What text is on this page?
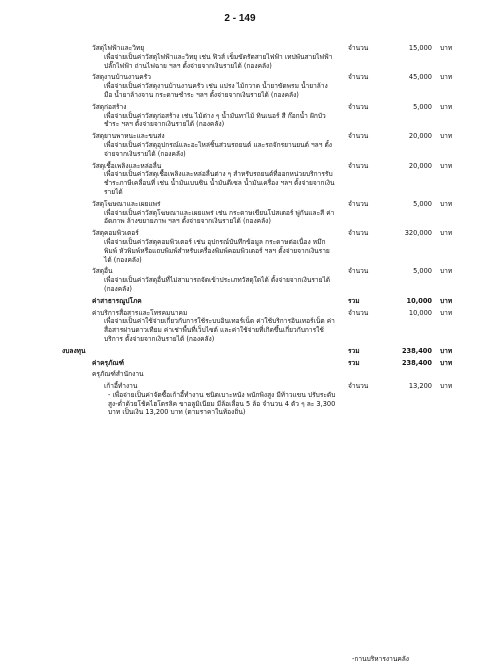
2 - 149
วัสดุไฟฟ้าและวิทยุ
เพื่อจ่ายเป็นค่าวัสดุไฟฟ้าและวิทยุ เช่น ฟิวส์ เข็มขัดรัดสายไฟฟ้า เทปพันสายไฟฟ้า ปลั๊กไฟฟ้า ถ่านไฟฉาย ฯลฯ ตั้งจ่ายจากเงินรายได้ (กองคลัง)
จำนวน	15,000 บาท
วัสดุงานบ้านงานครัว
เพื่อจ่ายเป็นค่าวัสดุงานบ้านงานครัว เช่น แปรง ไม้กวาด น้ำยาขัดพรม น้ำยาล้างมือ น้ำยาล้างจาน กระดาษชำระ ฯลฯ ตั้งจ่ายจากเงินรายได้ (กองคลัง)
จำนวน	45,000 บาท
วัสดุก่อสร้าง
เพื่อจ่ายเป็นค่าวัสดุก่อสร้าง เช่น ไม้ต่าง ๆ น้ำมันทาไม้ ทินเนอร์ สี ก๊อกน้ำ ฝักบัวชำระ ฯลฯ ตั้งจ่ายจากเงินรายได้ (กองคลัง)
จำนวน	5,000 บาท
วัสดุยานพาหนะและขนส่ง
เพื่อจ่ายเป็นค่าวัสดุอุปกรณ์และอะไหล่ชิ้นส่วนรถยนต์ และรถจักรยานยนต์ ฯลฯ ตั้งจ่ายจากเงินรายได้ (กองคลัง)
จำนวน	20,000 บาท
วัสดุเชื้อเพลิงและหล่อลื่น
เพื่อจ่ายเป็นค่าวัสดุเชื้อเพลิงและหล่อลื่นต่าง ๆ สำหรับรถยนต์ที่ออกหน่วยบริการรับชำระภาษีเคลื่อนที่ เช่น น้ำมันเบนซิน น้ำมันดีเซล น้ำมันเครื่อง ฯลฯ ตั้งจ่ายจากเงินรายได้
จำนวน	20,000 บาท
วัสดุโฆษณาและเผยแพร่
เพื่อจ่ายเป็นค่าวัสดุโฆษณาและเผยแพร่ เช่น กระดาษเขียนโปสเตอร์ พู่กันและสี ค่าอัดภาพ ล้างขยายภาพ ฯลฯ ตั้งจ่ายจากเงินรายได้ (กองคลัง)
จำนวน	5,000 บาท
วัสดุคอมพิวเตอร์
เพื่อจ่ายเป็นค่าวัสดุคอมพิวเตอร์ เช่น อุปกรณ์บันทึกข้อมูล กระดาษต่อเนื่อง หมึกพิมพ์ หัวพิมพ์หรือแถบพิมพ์สำหรับเครื่องพิมพ์คอมพิวเตอร์ ฯลฯ ตั้งจ่ายจากเงินรายได้ (กองคลัง)
จำนวน	320,000 บาท
วัสดุอื่น
เพื่อจ่ายเป็นค่าวัสดุอื่นที่ไม่สามารถจัดเข้าประเภทวัสดุใดได้ ตั้งจ่ายจากเงินรายได้ (กองคลัง)
จำนวน	5,000 บาท
ค่าสาธารณูปโภค	รวม	10,000 บาท
ค่าบริการสื่อสารและโทรคมนาคม
เพื่อจ่ายเป็นค่าใช้จ่ายเกี่ยวกับการใช้ระบบอินเทอร์เน็ต ค่าใช้บริการอินเทอร์เน็ต ค่าสื่อสารผ่านดาวเทียม ค่าเช่าพื้นที่เว็บไซต์ และค่าใช้จ่ายที่เกิดขึ้นเกี่ยวกับการใช้บริการ ตั้งจ่ายจากเงินรายได้ (กองคลัง)
จำนวน	10,000 บาท
งบลงทุน	รวม	238,400 บาท
ค่าครุภัณฑ์	รวม	238,400 บาท
ครุภัณฑ์สำนักงาน
เก้าอี้ทำงาน
- เพื่อจ่ายเป็นค่าจัดซื้อเก้าอี้ทำงาน ชนิดเบาะหนัง พนักพิงสูง มีท้าวแขน ปรับระดับสูง-ต่ำด้วยโช้คไฮโดรลิค ขาอลูมิเนียม มีล้อเลื่อน 5 ล้อ จำนวน 4 ตัว ๆ ละ 3,300 บาท เป็นเงิน 13,200 บาท (ตามราคาในท้องถิ่น)
จำนวน	13,200 บาท
-กานบริหารงานคลัง
